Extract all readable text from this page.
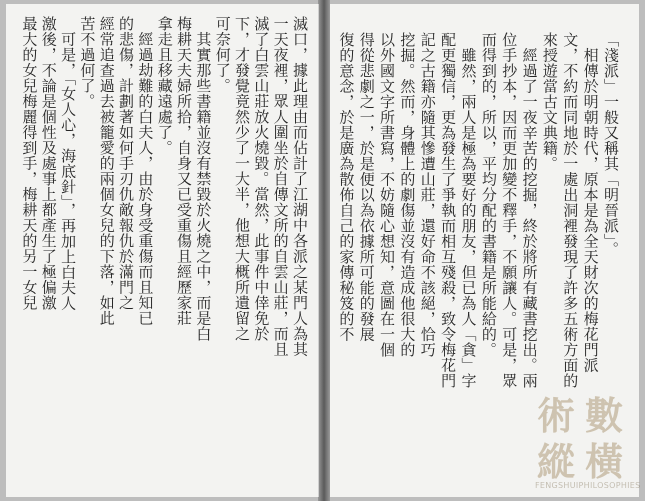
「淺派」一般又稱其「明晉派」。
　相傳於明朝時代，原本是為全天財次的梅花門派
文，不約而同地於一處出洞裡發現了許多五術方面的
來授遊當古文典籍。
　經過了一夜辛苦的挖掘，終於將所有藏書挖出。兩
位手抄本，因而更加變不釋手，不願讓人。可是，眾
而得到的，所以，平均分配的書籍是所能給的。
　雖然，兩人是極為要好的朋友，但已為人「貪」字
配更獨信，更為發生了爭執而相互殘殺，致令梅花門
記之古籍亦隨其慘遭山莊，還好命不該絕，恰巧
挖掘。然而，身體上的劇傷並沒有造成他很大的
以外國文字所書寫，不妨隨心想知，意圖在一個
得從悲劇之一，於是便以為依據所可能的發展
復的意念，於是廣為散佈自己的家傳秘笈的不
滅口，據此理由而佔計了江湖中各派之某門人為其
一天夜裡，眾人圍坐於自傳文所的自雲山莊，而且
滅了白雲山莊放火燒毀。當然，此事件中倖免於
下，才發覺竟然少了一大半，他想大概所遺留之
可奈何了。
　其實那些書籍並沒有禁毀於火燒之中，而是白
梅耕天夫婦所拾，自身又已受重傷且經歷家莊
拿走且移藏遠處了。
　經過劫難的白夫人，由於身受重傷而且知已
的悲傷，計劃著如何手刃仇敵報仇於滿門之
經常追查過去被籠愛的兩個女兒的下落，如此
苦不過何了。
　可是，「女人心，海底針」，再加上白夫人
激後，不論是個性及處事上都產生了極偏激
最大的女兒梅麗得到手，梅耕天的另一女兒
術 數
縱 橫
FENGSHUIPHILOSOPHIES
